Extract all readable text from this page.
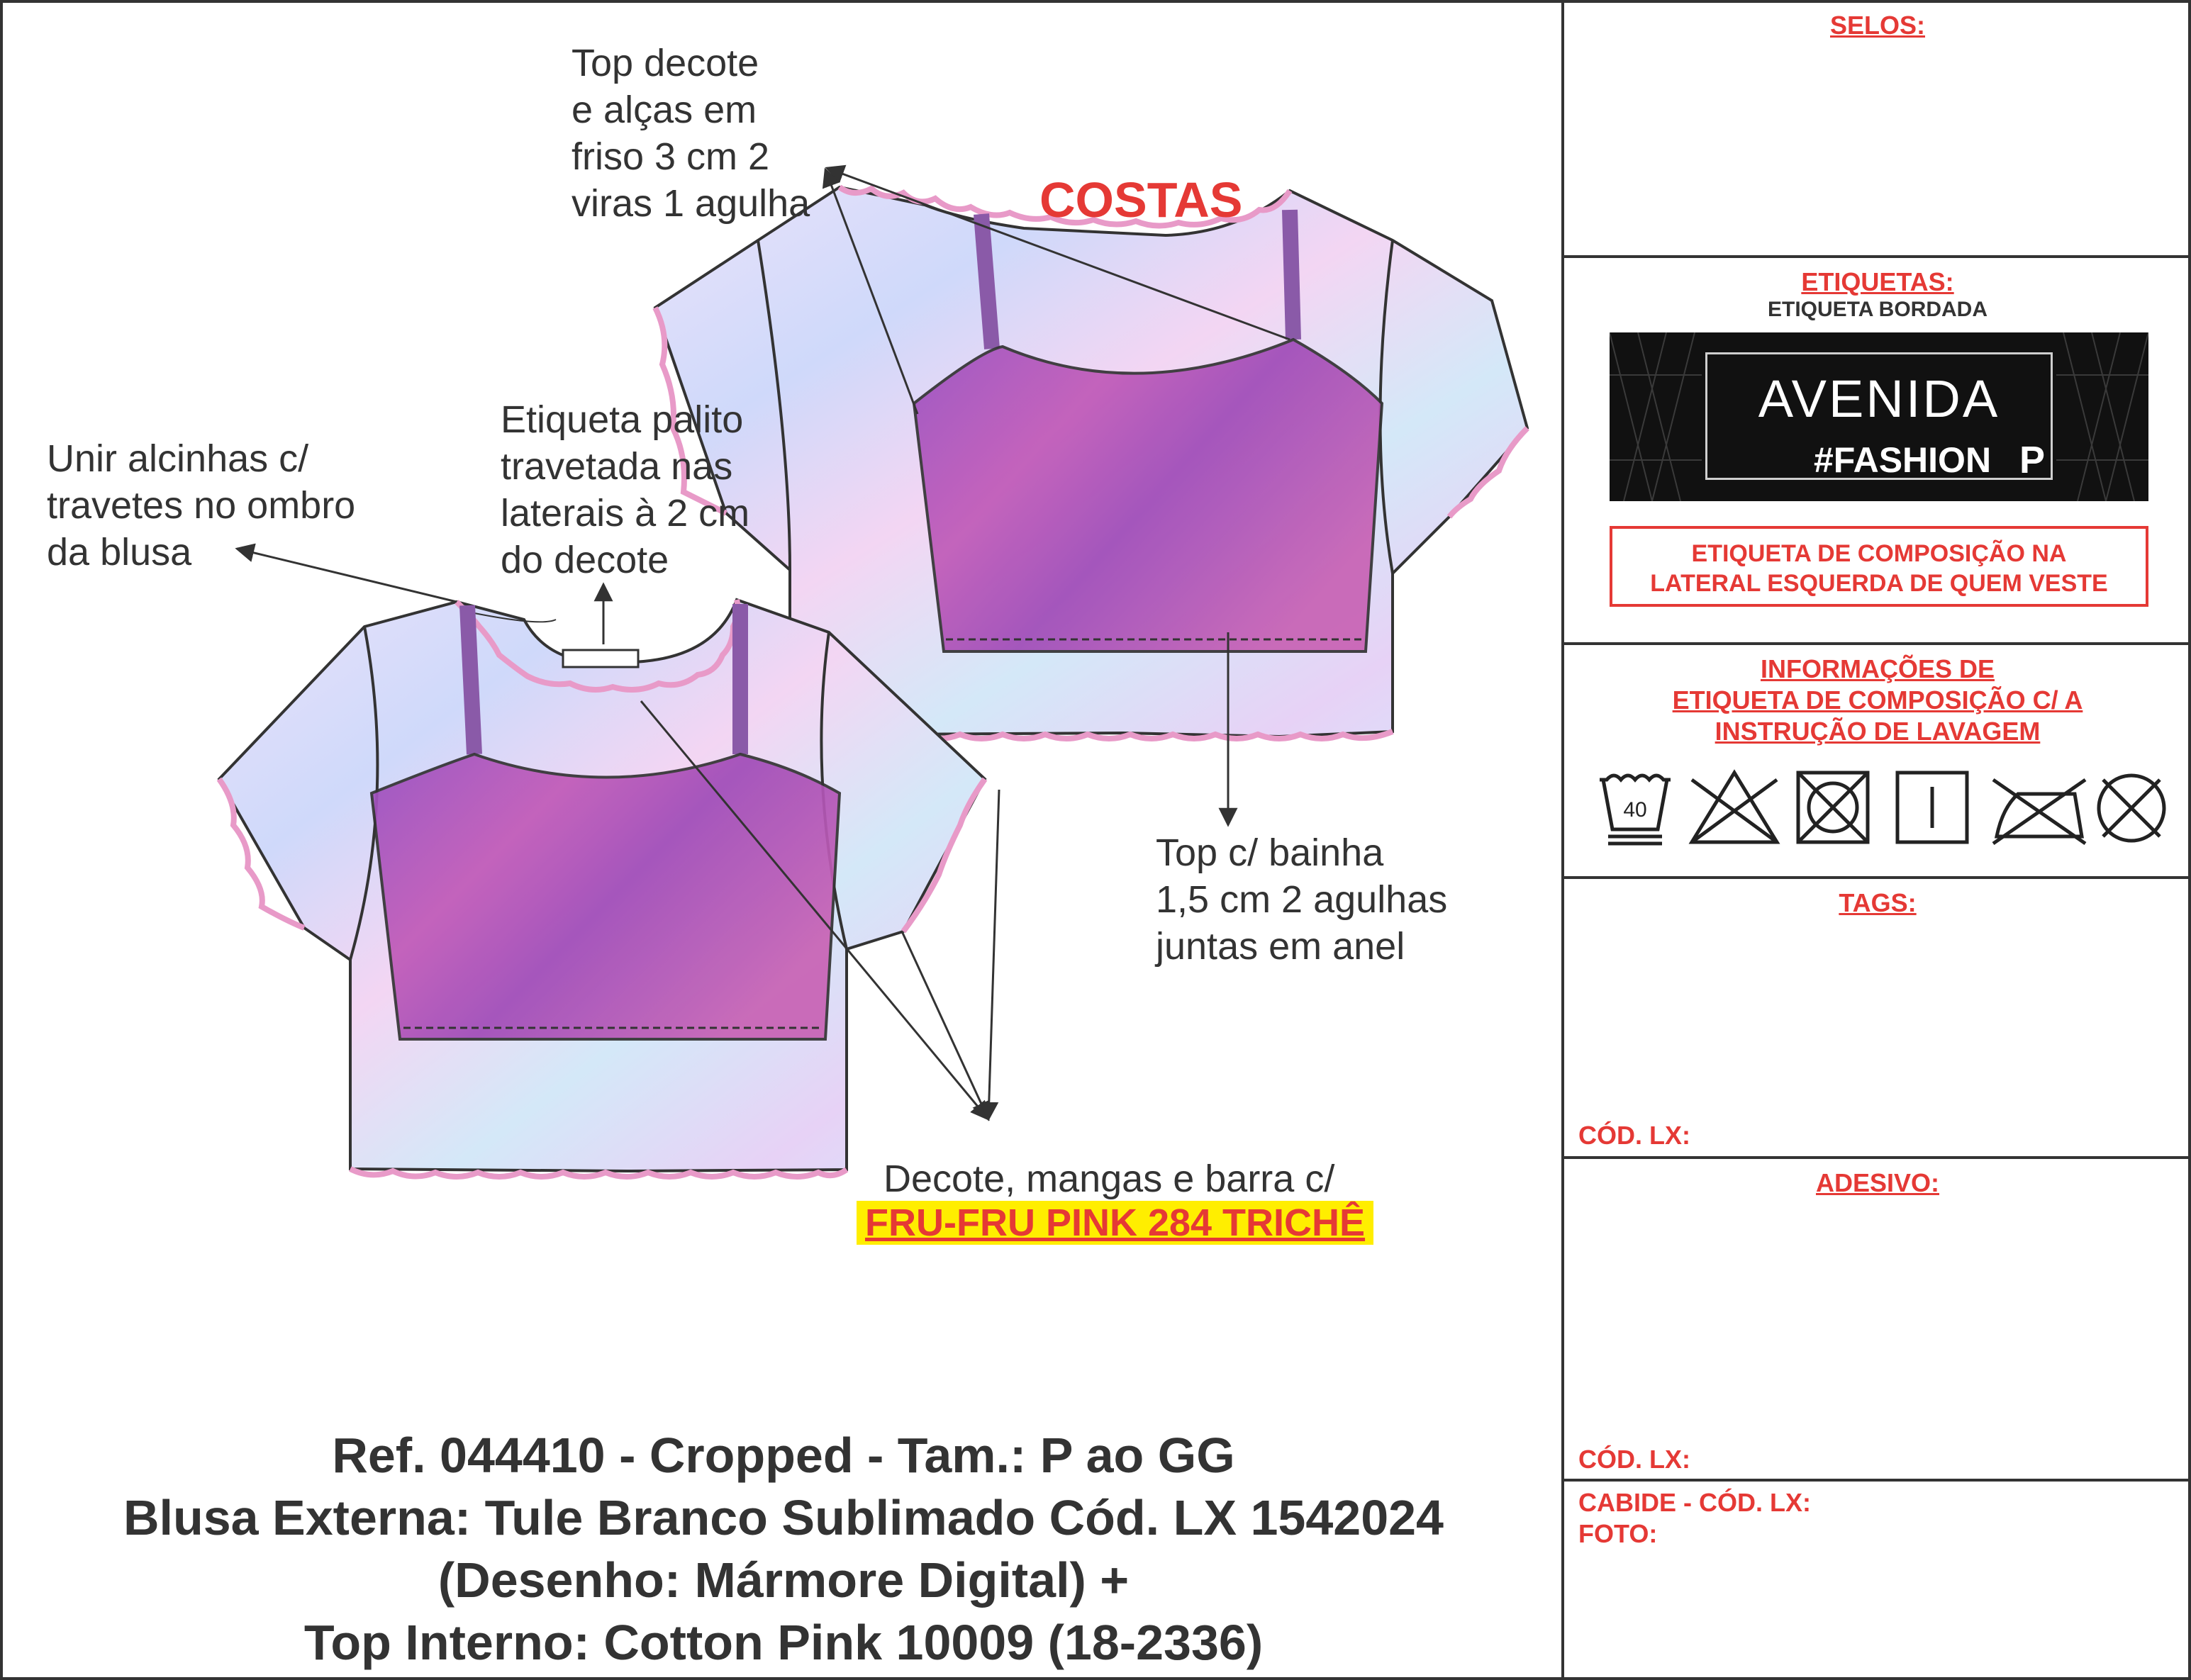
Top decote
e alças em
friso 3 cm 2
viras 1 agulha	COSTAS
Etiqueta palito
travetada nas
laterais à 2 cm
do decote
Unir alcinhas c/
travetes no ombro
da blusa
Top c/ bainha
1,5 cm 2 agulhas
juntas em anel
Decote, mangas e barra c/
FRU-FRU PINK 284 TRICHÊ
Ref. 044410 - Cropped - Tam.: P ao GG
Blusa Externa: Tule Branco Sublimado Cód. LX 1542024
(Desenho: Mármore Digital) +
Top Interno: Cotton Pink 10009 (18-2336)
SELOS:
ETIQUETAS:
ETIQUETA BORDADA
AVENIDA
#FASHION P
ETIQUETA DE COMPOSIÇÃO NA
LATERAL ESQUERDA DE QUEM VESTE
INFORMAÇÕES DE
ETIQUETA DE COMPOSIÇÃO C/ A
INSTRUÇÃO DE LAVAGEM
40
TAGS:
CÓD. LX:
ADESIVO:
CÓD. LX:
CABIDE - CÓD. LX:
FOTO:
